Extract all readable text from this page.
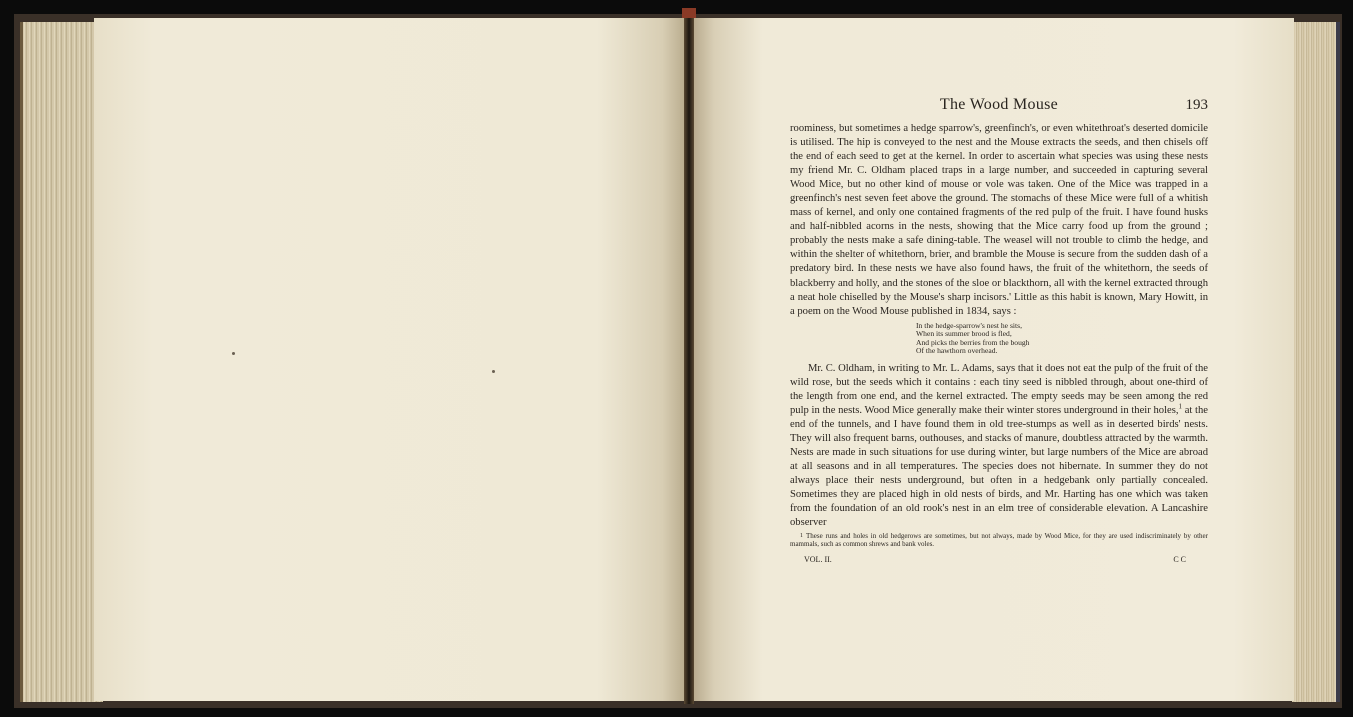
The Wood Mouse	193

roominess, but sometimes a hedge sparrow's, greenfinch's, or even whitethroat's deserted domicile is utilised. The hip is conveyed to the nest and the Mouse extracts the seeds, and then chisels off the end of each seed to get at the kernel. In order to ascertain what species was using these nests my friend Mr. C. Oldham placed traps in a large number, and succeeded in capturing several Wood Mice, but no other kind of mouse or vole was taken. One of the Mice was trapped in a greenfinch's nest seven feet above the ground. The stomachs of these Mice were full of a whitish mass of kernel, and only one contained fragments of the red pulp of the fruit. I have found husks and half-nibbled acorns in the nests, showing that the Mice carry food up from the ground ; probably the nests make a safe dining-table. The weasel will not trouble to climb the hedge, and within the shelter of whitethorn, brier, and bramble the Mouse is secure from the sudden dash of a predatory bird. In these nests we have also found haws, the fruit of the whitethorn, the seeds of blackberry and holly, and the stones of the sloe or blackthorn, all with the kernel extracted through a neat hole chiselled by the Mouse's sharp incisors.' Little as this habit is known, Mary Howitt, in a poem on the Wood Mouse published in 1834, says :

In the hedge-sparrow's nest he sits,
When its summer brood is fled,
And picks the berries from the bough
Of the hawthorn overhead.

Mr. C. Oldham, in writing to Mr. L. Adams, says that it does not eat the pulp of the fruit of the wild rose, but the seeds which it contains : each tiny seed is nibbled through, about one-third of the length from one end, and the kernel extracted. The empty seeds may be seen among the red pulp in the nests. Wood Mice generally make their winter stores underground in their holes,$^1$ at the end of the tunnels, and I have found them in old tree-stumps as well as in deserted birds' nests. They will also frequent barns, outhouses, and stacks of manure, doubtless attracted by the warmth. Nests are made in such situations for use during winter, but large numbers of the Mice are abroad at all seasons and in all temperatures. The species does not hibernate. In summer they do not always place their nests underground, but often in a hedgebank only partially concealed. Sometimes they are placed high in old nests of birds, and Mr. Harting has one which was taken from the foundation of an old rook's nest in an elm tree of considerable elevation. A Lancashire observer

1 These runs and holes in old hedgerows are sometimes, but not always, made by Wood Mice, for they are used indiscriminately by other mammals, such as common shrews and bank voles.
VOL. II.	C C
